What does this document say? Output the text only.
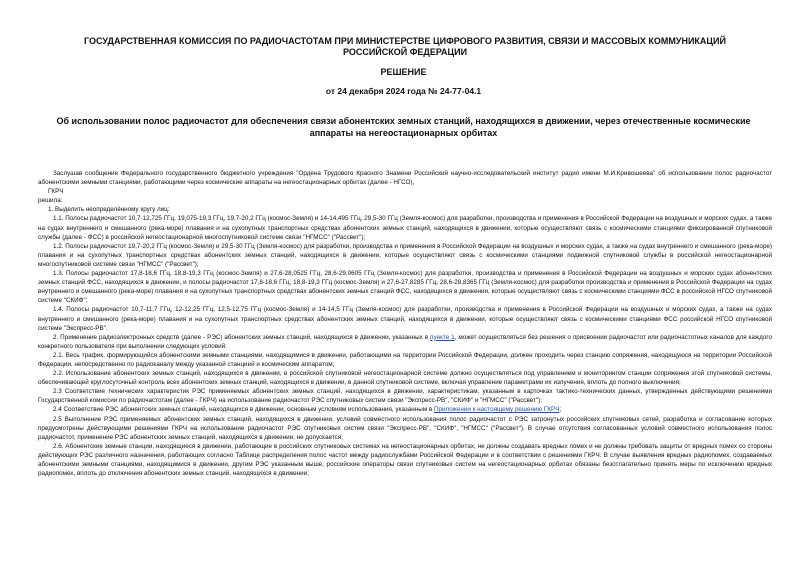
ГОСУДАРСТВЕННАЯ КОМИССИЯ ПО РАДИОЧАСТОТАМ ПРИ МИНИСТЕРСТВЕ ЦИФРОВОГО РАЗВИТИЯ, СВЯЗИ И МАССОВЫХ КОММУНИКАЦИЙ РОССИЙСКОЙ ФЕДЕРАЦИИ
РЕШЕНИЕ
от 24 декабря 2024 года № 24-77-04.1
Об использовании полос радиочастот для обеспечения связи абонентских земных станций, находящихся в движении, через отечественные космические аппараты на негеостационарных орбитах

Заслушав сообщение Федерального государственного бюджетного учреждения "Ордена Трудового Красного Знамени Российский научно-исследовательский институт радио имени М.И.Кривошеева" об использовании полос радиочастот абонентскими земными станциями, работающими через космические аппараты на негеостационарных орбитах (далее - НГСО),

ГКРЧ

решила:

1. Выделить неопределённому кругу лиц:

1.1. Полосы радиочастот 10,7-12,725 ГГц, 19,075-19,3 ГГц, 19,7-20,2 ГГц (космос-Земля) и 14-14,495 ГГц, 29,5-30 ГГц (Земля-космос) для разработки, производства и применения в Российской Федерации на воздушных и морских судах, а также на судах внутреннего и смешанного (река-море) плавания и на сухопутных транспортных средствах абонентских земных станций, находящихся в движении, которые осуществляют связь с космическими станциями фиксированной спутниковой службы (далее - ФСС) в российской негеостационарной многоспутниковой системе связи "НГМСС" ("Рассвет");

1.2. Полосы радиочастот 19,7-20,2 ГГц (космос-Земля) и 29,5-30 ГГц (Земля-космос) для разработки, производства и применения в Российской Федерации на воздушных и морских судах, а также на судах внутреннего и смешанного (река-море) плавания и на сухопутных транспортных средствах абонентских земных станций, находящихся в движении, которые осуществляют связь с космическими станциями подвижной спутниковой службы в российской негеостационарной многоспутниковой системе связи "НГМСС" ("Рассвет");

1.3. Полосы радиочастот 17,8-18,6 ГГц, 18,8-19,3 ГГц (космос-Земля) и 27,6-28,0525 ГГц, 28,6-29,0605 ГГц (Земля-космос) для разработки, производства и применения в Российской Федерации на воздушных и морских судах абонентских земных станций ФСС, находящихся в движении, и полосы радиочастот 17,8-18,6 ГГц, 18,8-19,3 ГГц (космос-Земля) и 27,6-27,8285 ГГц, 28,6-28,8365 ГГц (Земля-космос) для разработки производства и применения в Российской Федерации на судах внутреннего и смешанного (река-море) плавания и на сухопутных транспортных средствах абонентских земных станций ФСС, находящихся в движении, которые осуществляют связь с космическими станциями ФСС в российской НГСО спутниковой системе "СКИФ";

1.4. Полосы радиочастот 10,7-11,7 ГГц, 12-12,25 ГГц, 12,5-12,75 ГГц (космос-Земля) и 14-14,5 ГГц (Земля-космос) для разработки, производства и применения в Российской Федерации на воздушных и морских судах, а также на судах внутреннего и смешанного (река-море) плавания и на сухопутных транспортных средствах абонентских земных станций, находящихся в движении, которые осуществляют связь с космическими станциями ФСС российской НГСО спутниковой системе "Экспресс-РВ".

2. Применение радиоэлектронных средств (далее - РЭС) абонентских земных станций, находящихся в движении, указанных в пункте 1, может осуществляться без решения о присвоении радиочастот или радиочастотных каналов для каждого конкретного пользователя при выполнении следующих условий:

2.1. Весь трафик, формирующийся абонентскими земными станциями, находящимися в движении, работающими на территории Российской Федерации, должен проходить через станцию сопряжения, находящуюся на территории Российской Федерации, непосредственно по радиоканалу между указанной станцией и космическим аппаратом;

2.2. Использование абонентских земных станций, находящихся в движении, в российской спутниковой негеостационарной системе должно осуществляться под управлением и мониторингом станции сопряжения этой спутниковой системы, обеспечивающей круглосуточный контроль всех абонентских земных станций, находящихся в движении, в данной спутниковой системе, включая управление параметрами их излучения, вплоть до полного выключения;

2.3 Соответствие технических характеристик РЭС применяемых абонентских земных станций, находящихся в движении, характеристикам, указанным в карточках тактико-технических данных, утвержденных действующими решениями Государственной комиссии по радиочастотам (далее - ГКРЧ) на использование радиочастот РЭС спутниковых систем связи "Экспресс-РВ", "СКИФ" и "НГМСС" ("Рассвет");

2.4 Соответствие РЭС абонентских земных станций, находящихся в движении, основным условиям использования, указанным в Приложении к настоящему решению ГКРЧ;

2.5 Выполнение РЭС применяемых абонентских земных станций, находящихся в движении, условий совместного использования полос радиочастот с РЭС затронутых российских спутниковых сетей, разработка и согласование которых предусмотрены действующими решениями ГКРЧ на использование радиочастот РЭС спутниковых систем связи "Экспресс-РВ", "СКИФ", "НГМСС" ("Рассвет"). В случае отсутствия согласованных условий совместного использования полос радиочастот, применение РЭС абонентских земных станций, находящихся в движении, не допускается;

2.6. Абонентские земные станции, находящиеся в движении, работающие в российских спутниковых системах на негеостационарных орбитах, не должны создавать вредных помех и не должны требовать защиты от вредных помех со стороны действующих РЭС различного назначения, работающих согласно Таблице распределения полос частот между радиослужбами Российской Федерации и в соответствии с решениями ГКРЧ. В случае выявления вредных радиопомех, создаваемых абонентскими земными станциями, находящимися в движении, другим РЭС указанным выше, российские операторы связи спутниковых систем на негеостационарных орбитах обязаны безотлагательно принять меры по исключению вредных радиопомех, вплоть до отключения абонентских земных станций, находящихся в движении;
